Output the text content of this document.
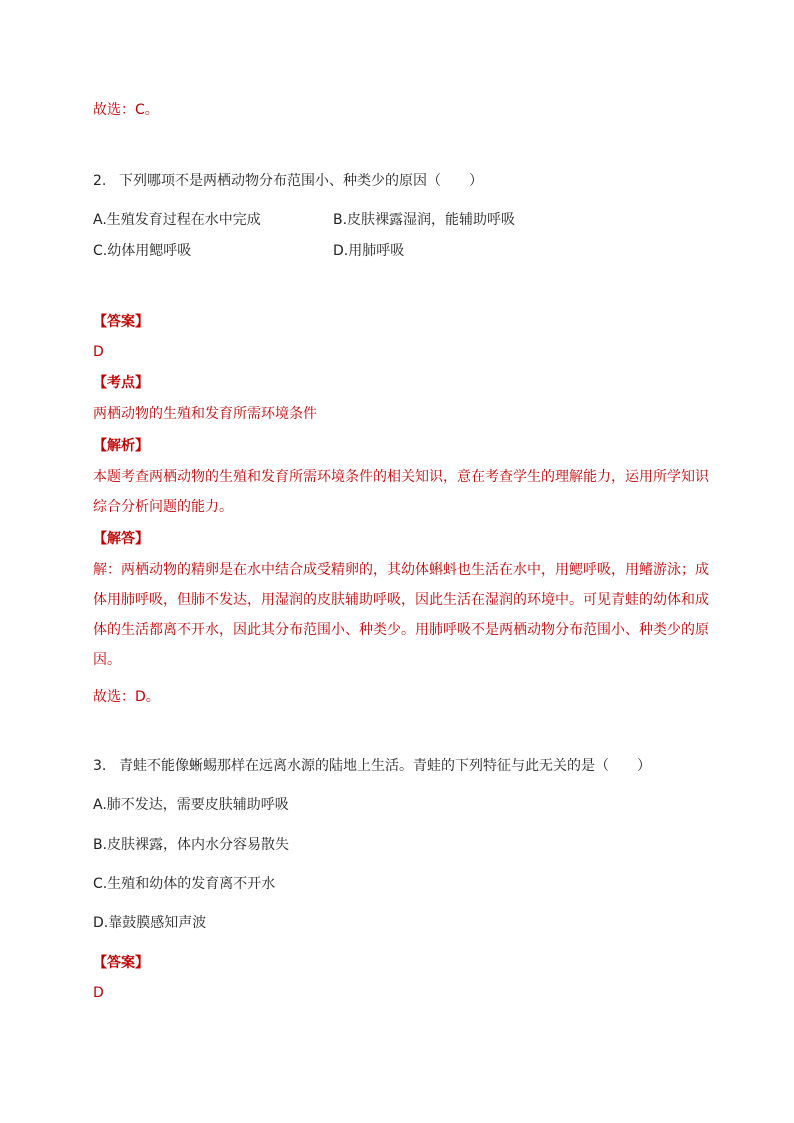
故选：C。
2. 下列哪项不是两栖动物分布范围小、种类少的原因（　　）
A.生殖发育过程在水中完成	B.皮肤裸露湿润，能辅助呼吸
C.幼体用鳃呼吸	D.用肺呼吸
【答案】
D
【考点】
两栖动物的生殖和发育所需环境条件
【解析】
本题考查两栖动物的生殖和发育所需环境条件的相关知识，意在考查学生的理解能力，运用所学知识综合分析问题的能力。
【解答】
解：两栖动物的精卵是在水中结合成受精卵的，其幼体蝌蚪也生活在水中，用鳃呼吸，用鳍游泳；成体用肺呼吸，但肺不发达，用湿润的皮肤辅助呼吸，因此生活在湿润的环境中。可见青蛙的幼体和成体的生活都离不开水，因此其分布范围小、种类少。用肺呼吸不是两栖动物分布范围小、种类少的原因。
故选：D。
3. 青蛙不能像蜥蜴那样在远离水源的陆地上生活。青蛙的下列特征与此无关的是（　　）
A.肺不发达，需要皮肤辅助呼吸
B.皮肤裸露，体内水分容易散失
C.生殖和幼体的发育离不开水
D.靠鼓膜感知声波
【答案】
D
